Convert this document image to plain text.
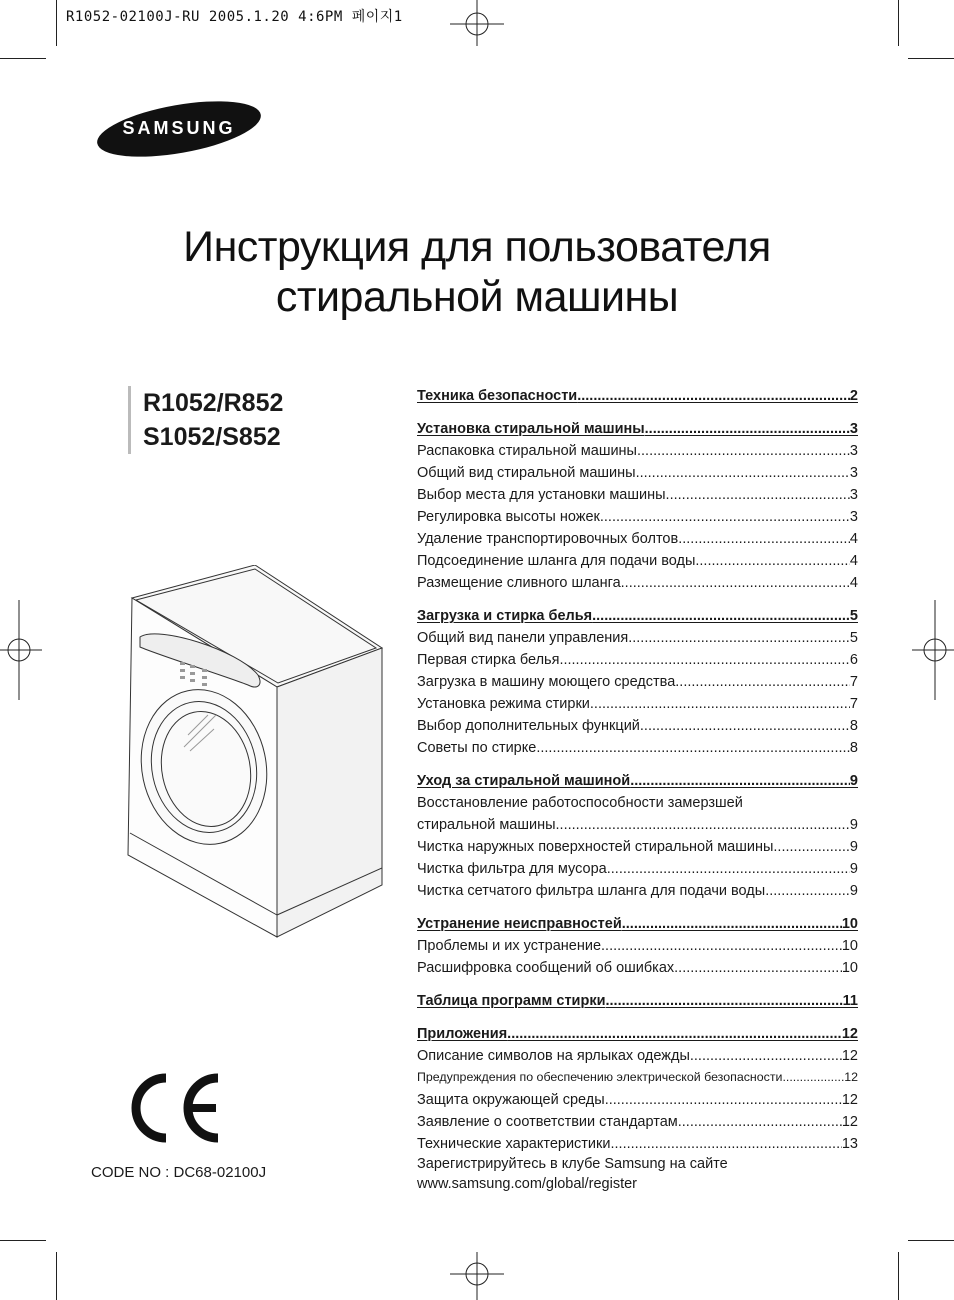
R1052-02100J-RU 2005.1.20 4:6PM 페이지1
SAMSUNG
Инструкция для пользователя
стиральной машины
R1052/R852
S1052/S852
Техника безопасности .....	2
Установка стиральной машины .....	3
Распаковка стиральной машины .....	3
Общий вид стиральной машины .....	3
Выбор места для установки машины .....	3
Регулировка высоты ножек .....	3
Удаление транспортировочных болтов .....	4
Подсоединение шланга для подачи воды .....	4
Размещение сливного шланга .....	4
Загрузка и стирка белья .....	5
Общий вид панели управления .....	5
Первая стирка белья .....	6
Загрузка в машину моющего средства .....	7
Установка режима стирки .....	7
Выбор дополнительных функций .....	8
Советы по стирке .....	8
Уход за стиральной машиной .....	9
Восстановление работоспособности замерзшей
стиральной машины .....	9
Чистка наружных поверхностей стиральной машины .....	9
Чистка фильтра для мусора .....	9
Чистка сетчатого фильтра шланга для подачи воды .....	9
Устранение неисправностей .....	10
Проблемы и их устранение .....	10
Расшифровка сообщений об ошибках .....	10
Таблица программ стирки .....	11
Приложения .....	12
Описание символов на ярлыках одежды .....	12
Предупреждения по обеспечению электрической безопасности .....	12
Защита окружающей среды .....	12
Заявление о соответствии стандартам .....	12
Технические характеристики .....	13
CODE NO : DC68-02100J	Зарегистрируйтесь в клубе Samsung на сайте
www.samsung.com/global/register
